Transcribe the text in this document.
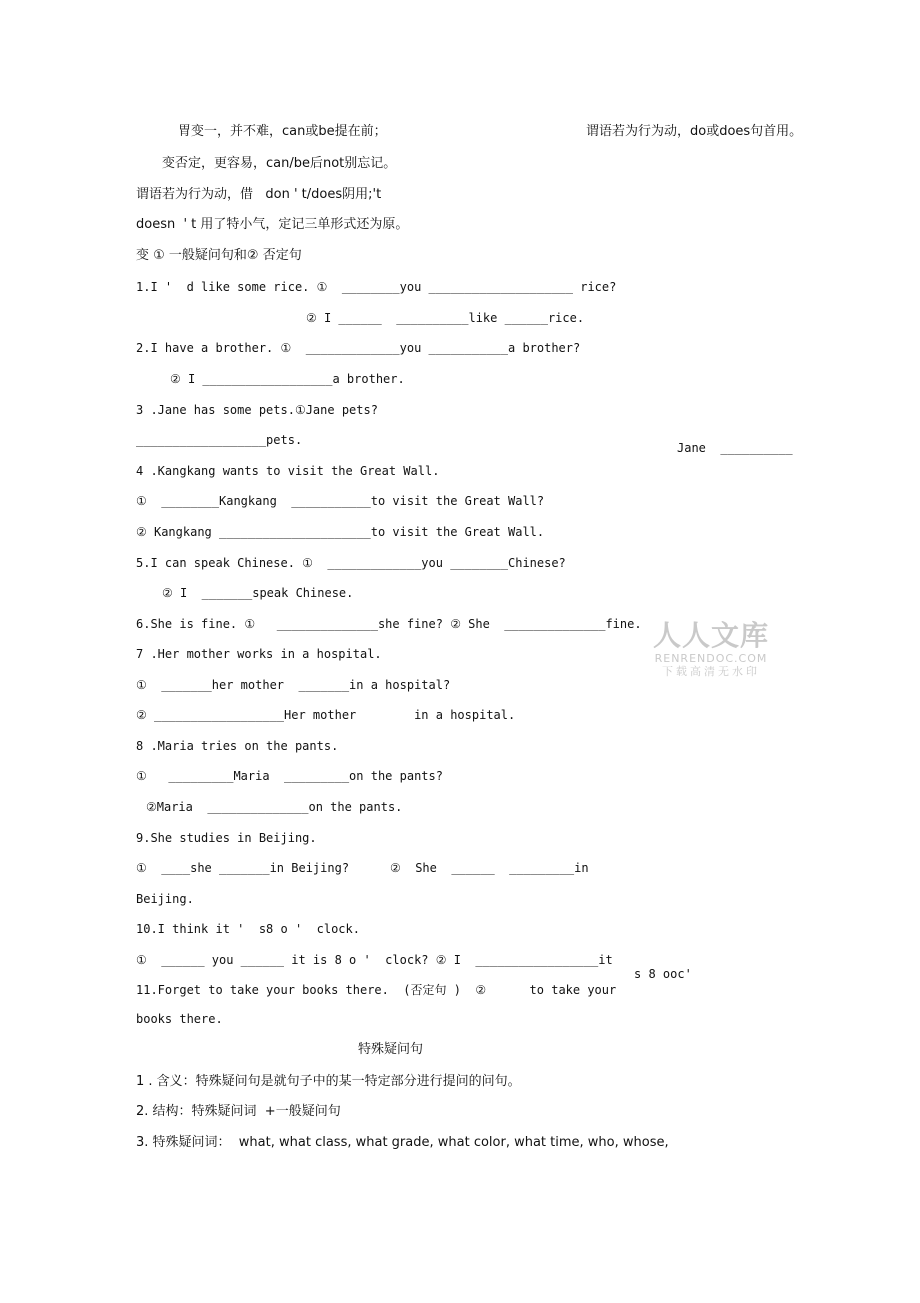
胃变一，并不难，can或be提在前；	谓语若为行为动，do或does句首用。
变否定，更容易，can/be后not别忘记。
谓语若为行为动，借   don ' t/does阴用;'t
doesn  ' t 用了特小气，定记三单形式还为原。
变 ① 一般疑问句和② 否定句
1.I '  d like some rice. ①  ________you ____________________ rice?
② I ______  __________like ______rice.
2.I have a brother. ①  _____________you ___________a brother?
② I __________________a brother.
3 .Jane has some pets.①Jane pets?
__________________pets.
Jane  __________
4 .Kangkang wants to visit the Great Wall.
①  ________Kangkang  ___________to visit the Great Wall?
② Kangkang _____________________to visit the Great Wall.
5.I can speak Chinese. ①  _____________you ________Chinese?
② I  _______speak Chinese.
6.She is fine. ①   ______________she fine? ② She  ______________fine.
7 .Her mother works in a hospital.
①  _______her mother  _______in a hospital?
② __________________Her mother        in a hospital.
8 .Maria tries on the pants.
①   _________Maria  _________on the pants?
②Maria  ______________on the pants.
9.She studies in Beijing.
①  ____she _______in Beijing?	②  She  ______  _________in
Beijing.
10.I think it '  s8 o '  clock.
①  ______ you ______ it is 8 o '  clock? ② I  _________________it
s 8 ooc'
11.Forget to take your books there.  (否定句 )  ②      to take your
books there.
特殊疑问句
1 . 含义：特殊疑问句是就句子中的某一特定部分进行提问的问句。
2. 结构：特殊疑问词  +一般疑问句
3. 特殊疑问词：  what, what class, what grade, what color, what time, who, whose,
人人文库
RENRENDOC.COM
下载高清无水印
